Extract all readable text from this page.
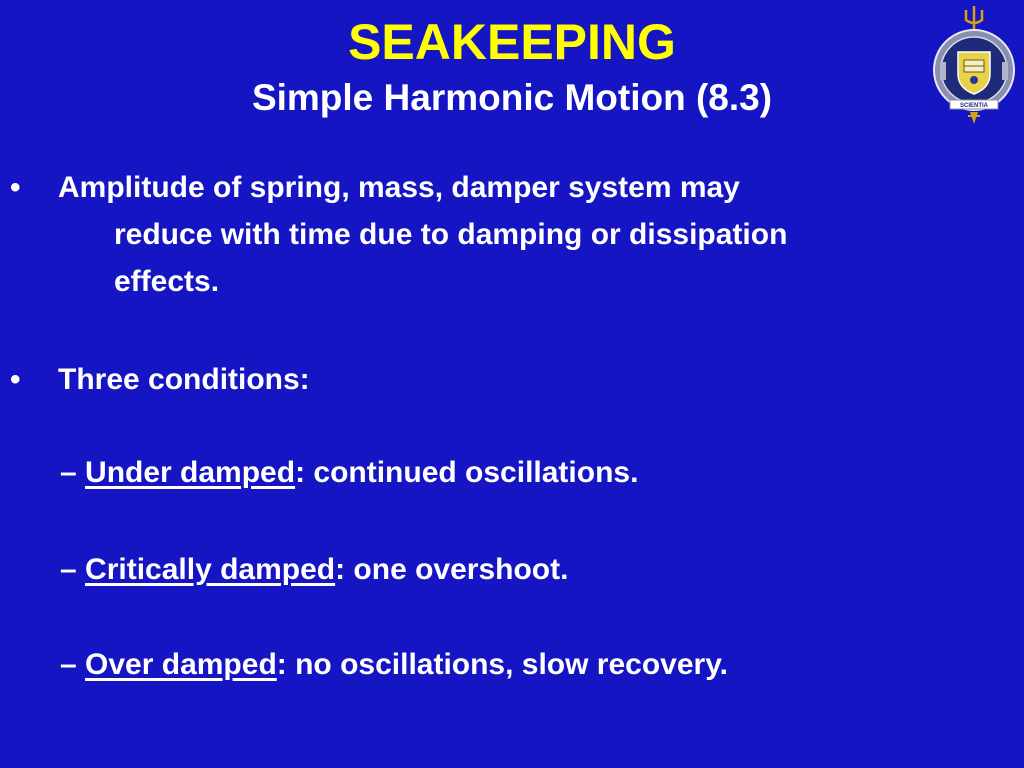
SEAKEEPING
Simple Harmonic Motion (8.3)	SCIENTIA
•	Amplitude of spring, mass, damper system may
reduce with time due to damping or dissipation
effects.
•	Three conditions:
– Under damped: continued oscillations.
– Critically damped: one overshoot.
– Over damped: no oscillations, slow recovery.
